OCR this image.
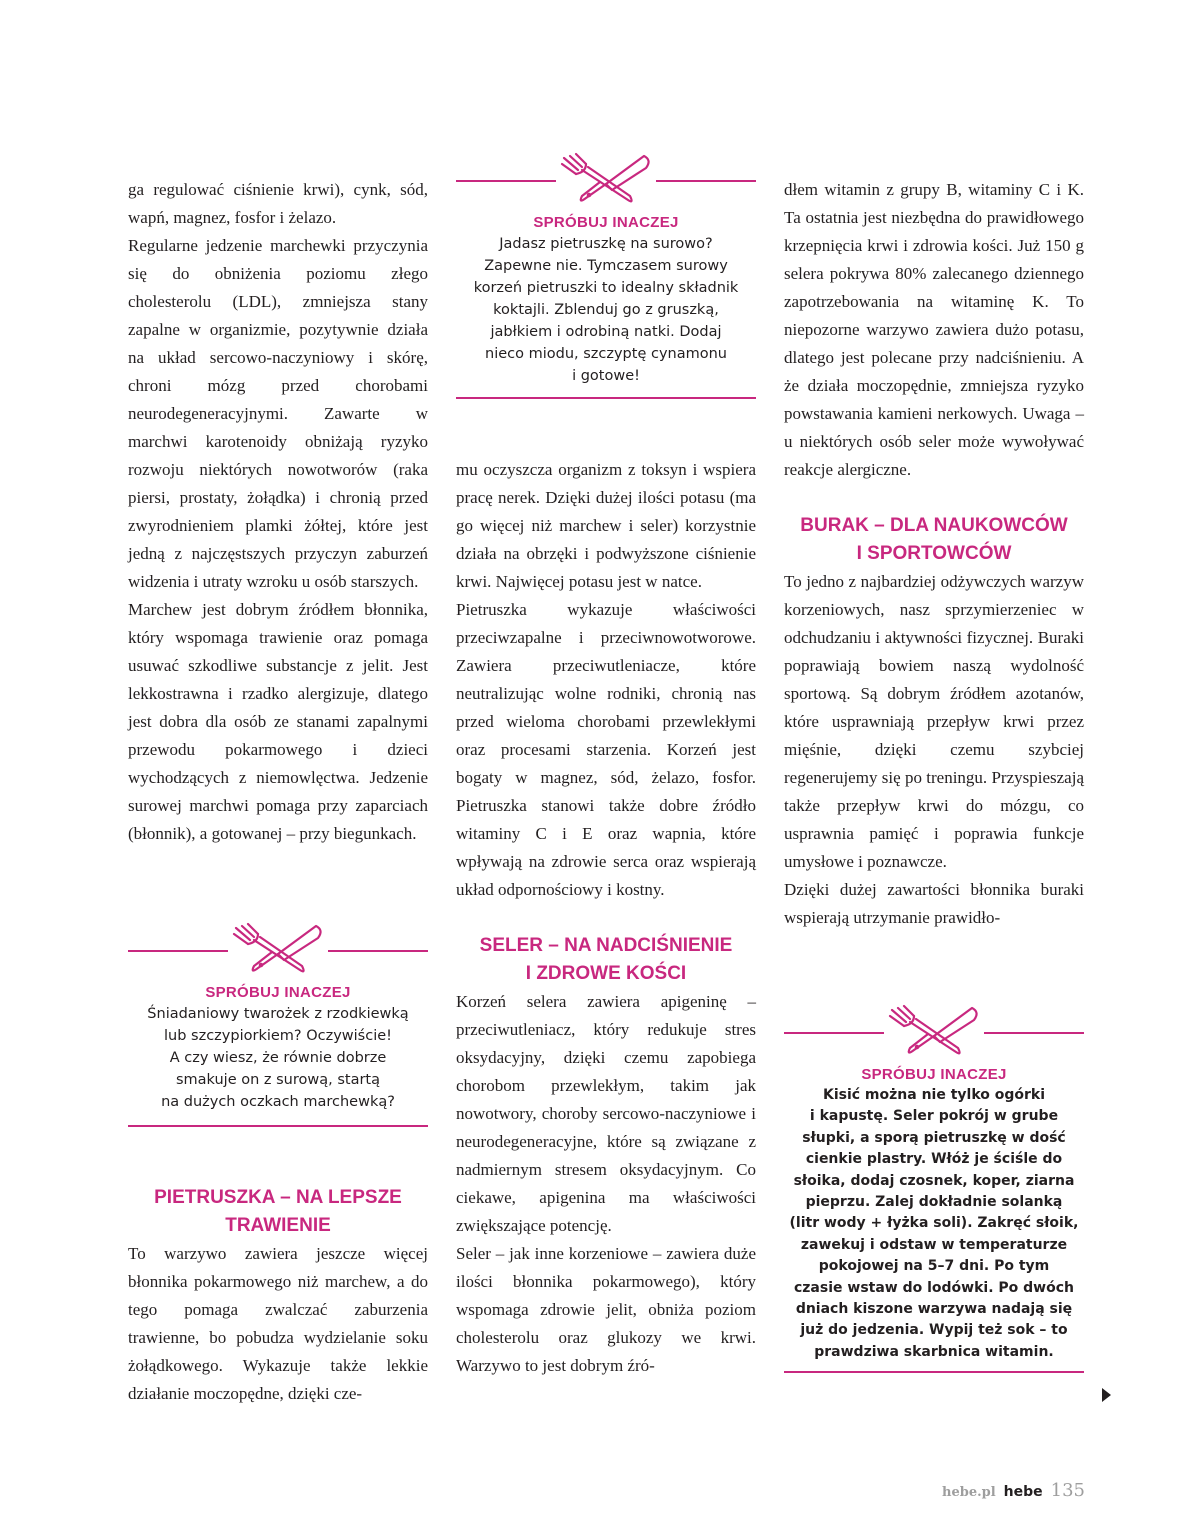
ga regulować ciśnienie krwi), cynk, sód, wapń, magnez, fosfor i żelazo.

Regularne jedzenie marchewki przyczynia się do obniżenia poziomu złego cholesterolu (LDL), zmniejsza stany zapalne w organizmie, pozytywnie działa na układ sercowo-naczyniowy i skórę, chroni mózg przed chorobami neurodegeneracyjnymi. Zawarte w marchwi karotenoidy obniżają ryzyko rozwoju niektórych nowotworów (raka piersi, prostaty, żołądka) i chronią przed zwyrodnieniem plamki żółtej, które jest jedną z najczęstszych przyczyn zaburzeń widzenia i utraty wzroku u osób starszych.

Marchew jest dobrym źródłem błonnika, który wspomaga trawienie oraz pomaga usuwać szkodliwe substancje z jelit. Jest lekkostrawna i rzadko alergizuje, dlatego jest dobra dla osób ze stanami zapalnymi przewodu pokarmowego i dzieci wychodzących z niemowlęctwa. Jedzenie surowej marchwi pomaga przy zaparciach (błonnik), a gotowanej – przy biegunkach.

SPRÓBUJ INACZEJ
Śniadaniowy twarożek z rzodkiewką
lub szczypiorkiem? Oczywiście!
A czy wiesz, że równie dobrze
smakuje on z surową, startą
na dużych oczkach marchewką?
PIETRUSZKA – NA LEPSZE
TRAWIENIE

To warzywo zawiera jeszcze więcej błonnika pokarmowego niż marchew, a do tego pomaga zwalczać zaburzenia trawienne, bo pobudza wydzielanie soku żołądkowego. Wykazuje także lekkie działanie moczopędne, dzięki cze-

SPRÓBUJ INACZEJ
Jadasz pietruszkę na surowo?
Zapewne nie. Tymczasem surowy
korzeń pietruszki to idealny składnik
koktajli. Zblenduj go z gruszką,
jabłkiem i odrobiną natki. Dodaj
nieco miodu, szczyptę cynamonu
i gotowe!

mu oczyszcza organizm z toksyn i wspiera pracę nerek. Dzięki dużej ilości potasu (ma go więcej niż marchew i seler) korzystnie działa na obrzęki i podwyższone ciśnienie krwi. Najwięcej potasu jest w natce.

Pietruszka wykazuje właściwości przeciwzapalne i przeciwnowotworowe. Zawiera przeciwutleniacze, które neutralizując wolne rodniki, chronią nas przed wieloma chorobami przewlekłymi oraz procesami starzenia. Korzeń jest bogaty w magnez, sód, żelazo, fosfor. Pietruszka stanowi także dobre źródło witaminy C i E oraz wapnia, które wpływają na zdrowie serca oraz wspierają układ odpornościowy i kostny.

SELER – NA NADCIŚNIENIE
I ZDROWE KOŚCI

Korzeń selera zawiera apigeninę – przeciwutleniacz, który redukuje stres oksydacyjny, dzięki czemu zapobiega chorobom przewlekłym, takim jak nowotwory, choroby sercowo-naczyniowe i neurodegeneracyjne, które są związane z nadmiernym stresem oksydacyjnym. Co ciekawe, apigenina ma właściwości zwiększające potencję.

Seler – jak inne korzeniowe – zawiera duże ilości błonnika pokarmowego), który wspomaga zdrowie jelit, obniża poziom cholesterolu oraz glukozy we krwi. Warzywo to jest dobrym źró-

dłem witamin z grupy B, witaminy C i K. Ta ostatnia jest niezbędna do prawidłowego krzepnięcia krwi i zdrowia kości. Już 150 g selera pokrywa 80% zalecanego dziennego zapotrzebowania na witaminę K. To niepozorne warzywo zawiera dużo potasu, dlatego jest polecane przy nadciśnieniu. A że działa moczopędnie, zmniejsza ryzyko powstawania kamieni nerkowych. Uwaga – u niektórych osób seler może wywoływać reakcje alergiczne.

BURAK – DLA NAUKOWCÓW
I SPORTOWCÓW

To jedno z najbardziej odżywczych warzyw korzeniowych, nasz sprzymierzeniec w odchudzaniu i aktywności fizycznej. Buraki poprawiają bowiem naszą wydolność sportową. Są dobrym źródłem azotanów, które usprawniają przepływ krwi przez mięśnie, dzięki czemu szybciej regenerujemy się po treningu. Przyspieszają także przepływ krwi do mózgu, co usprawnia pamięć i poprawia funkcje umysłowe i poznawcze.

Dzięki dużej zawartości błonnika buraki wspierają utrzymanie prawidło-

SPRÓBUJ INACZEJ
Kisić można nie tylko ogórki
i kapustę. Seler pokrój w grube
słupki, a sporą pietruszkę w dość
cienkie plastry. Włóż je ściśle do
słoika, dodaj czosnek, koper, ziarna
pieprzu. Zalej dokładnie solanką
(litr wody + łyżka soli). Zakręć słoik,
zawekuj i odstaw w temperaturze
pokojowej na 5–7 dni. Po tym
czasie wstaw do lodówki. Po dwóch
dniach kiszone warzywa nadają się
już do jedzenia. Wypij też sok – to
prawdziwa skarbnica witamin.
hebe.pl hebe 135
